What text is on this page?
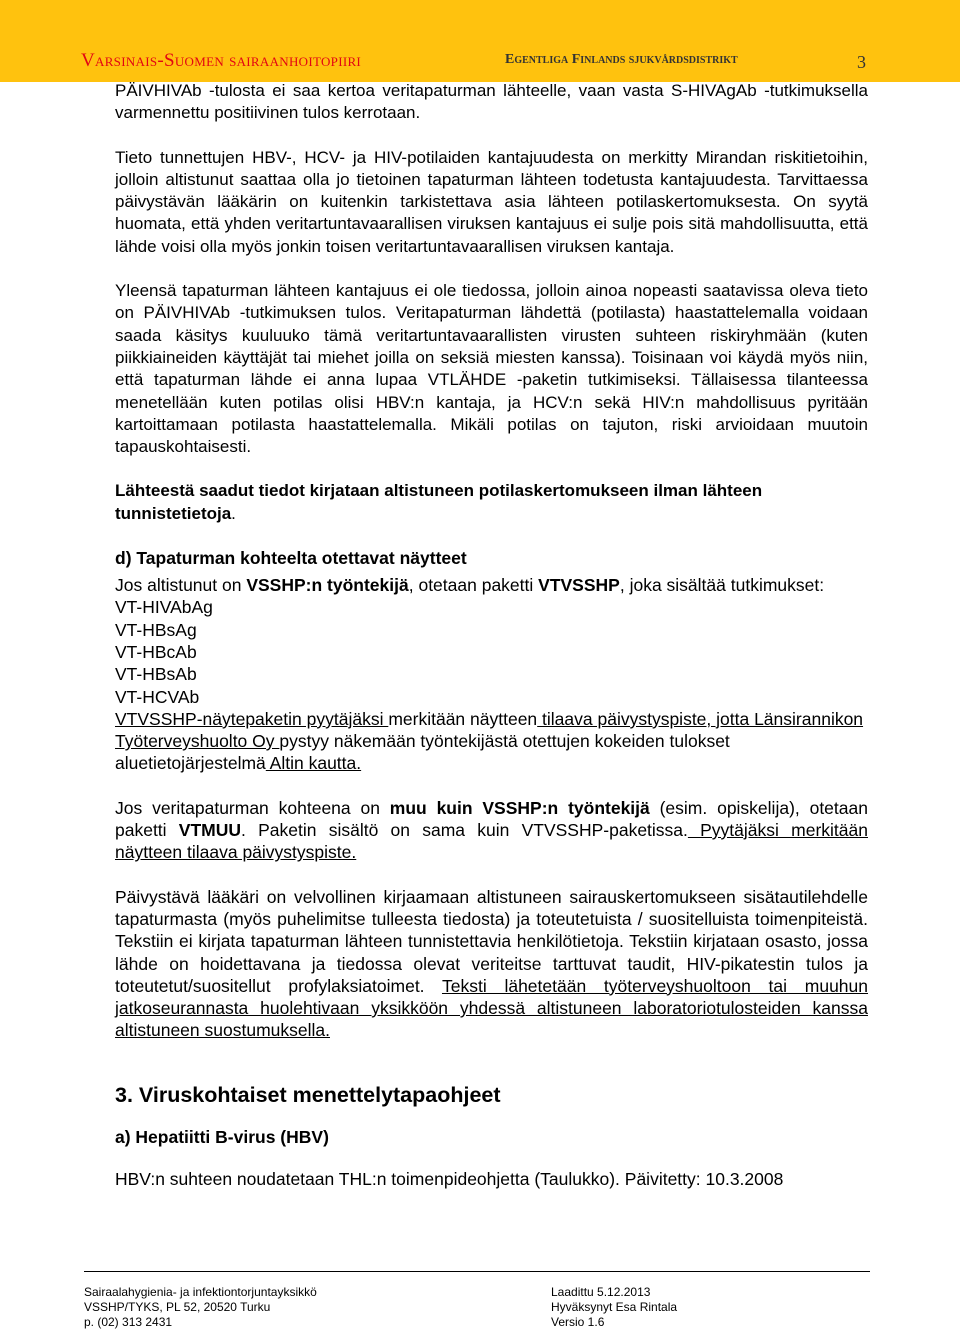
Varsinais-Suomen sairaanhoitopiiri	Egentliga Finlands sjukvårdsdistrikt	3

PÄIVHIVAb -tulosta ei saa kertoa veritapaturman lähteelle, vaan vasta S-HIVAgAb -tutkimuksella varmennettu positiivinen tulos kerrotaan.

Tieto tunnettujen HBV-, HCV- ja HIV-potilaiden kantajuudesta on merkitty Mirandan riskitietoihin, jolloin altistunut saattaa olla jo tietoinen tapaturman lähteen todetusta kantajuudesta. Tarvittaessa päivystävän lääkärin on kuitenkin tarkistettava asia lähteen potilaskertomuksesta. On syytä huomata, että yhden veritartuntavaarallisen viruksen kantajuus ei sulje pois sitä mahdollisuutta, että lähde voisi olla myös jonkin toisen veritartuntavaarallisen viruksen kantaja.

Yleensä tapaturman lähteen kantajuus ei ole tiedossa, jolloin ainoa nopeasti saatavissa oleva tieto on PÄIVHIVAb -tutkimuksen tulos. Veritapaturman lähdettä (potilasta) haastattelemalla voidaan saada käsitys kuuluuko tämä veritartuntavaarallisten virusten suhteen riskiryhmään (kuten piikkiaineiden käyttäjät tai miehet joilla on seksiä miesten kanssa). Toisinaan voi käydä myös niin, että tapaturman lähde ei anna lupaa VTLÄHDE -paketin tutkimiseksi. Tällaisessa tilanteessa menetellään kuten potilas olisi HBV:n kantaja, ja HCV:n sekä HIV:n mahdollisuus pyritään kartoittamaan potilasta haastattelemalla. Mikäli potilas on tajuton, riski arvioidaan muutoin tapauskohtaisesti.

Lähteestä saadut tiedot kirjataan altistuneen potilaskertomukseen ilman lähteen tunnistetietoja.

d) Tapaturman kohteelta otettavat näytteet

Jos altistunut on VSSHP:n työntekijä, otetaan paketti VTVSSHP, joka sisältää tutkimukset:

VT-HIVAbAg

VT-HBsAg

VT-HBcAb

VT-HBsAb

VT-HCVAb

VTVSSHP-näytepaketin pyytäjäksi merkitään näytteen tilaava päivystyspiste, jotta Länsirannikon Työterveyshuolto Oy pystyy näkemään työntekijästä otettujen kokeiden tulokset aluetietojärjestelmä Altin kautta.

Jos veritapaturman kohteena on muu kuin VSSHP:n työntekijä (esim. opiskelija), otetaan paketti VTMUU. Paketin sisältö on sama kuin VTVSSHP-paketissa. Pyytäjäksi merkitään näytteen tilaava päivystyspiste.

Päivystävä lääkäri on velvollinen kirjaamaan altistuneen sairauskertomukseen sisätautilehdelle tapaturmasta (myös puhelimitse tulleesta tiedosta) ja toteutetuista / suositelluista toimenpiteistä. Tekstiin ei kirjata tapaturman lähteen tunnistettavia henkilötietoja. Tekstiin kirjataan osasto, jossa lähde on hoidettavana ja tiedossa olevat veriteitse tarttuvat taudit, HIV-pikatestin tulos ja toteutetut/suositellut profylaksiatoimet. Teksti lähetetään työterveyshuoltoon tai muuhun jatkoseurannasta huolehtivaan yksikköön yhdessä altistuneen laboratoriotulosteiden kanssa altistuneen suostumuksella.

3. Viruskohtaiset menettelytapaohjeet

a) Hepatiitti B-virus (HBV)

HBV:n suhteen noudatetaan THL:n toimenpideohjetta (Taulukko). Päivitetty: 10.3.2008

Sairaalahygienia- ja infektiontorjuntayksikkö
VSSHP/TYKS, PL 52, 20520 Turku
p. (02) 313 2431
Laadittu 5.12.2013
Hyväksynyt Esa Rintala
Versio 1.6
